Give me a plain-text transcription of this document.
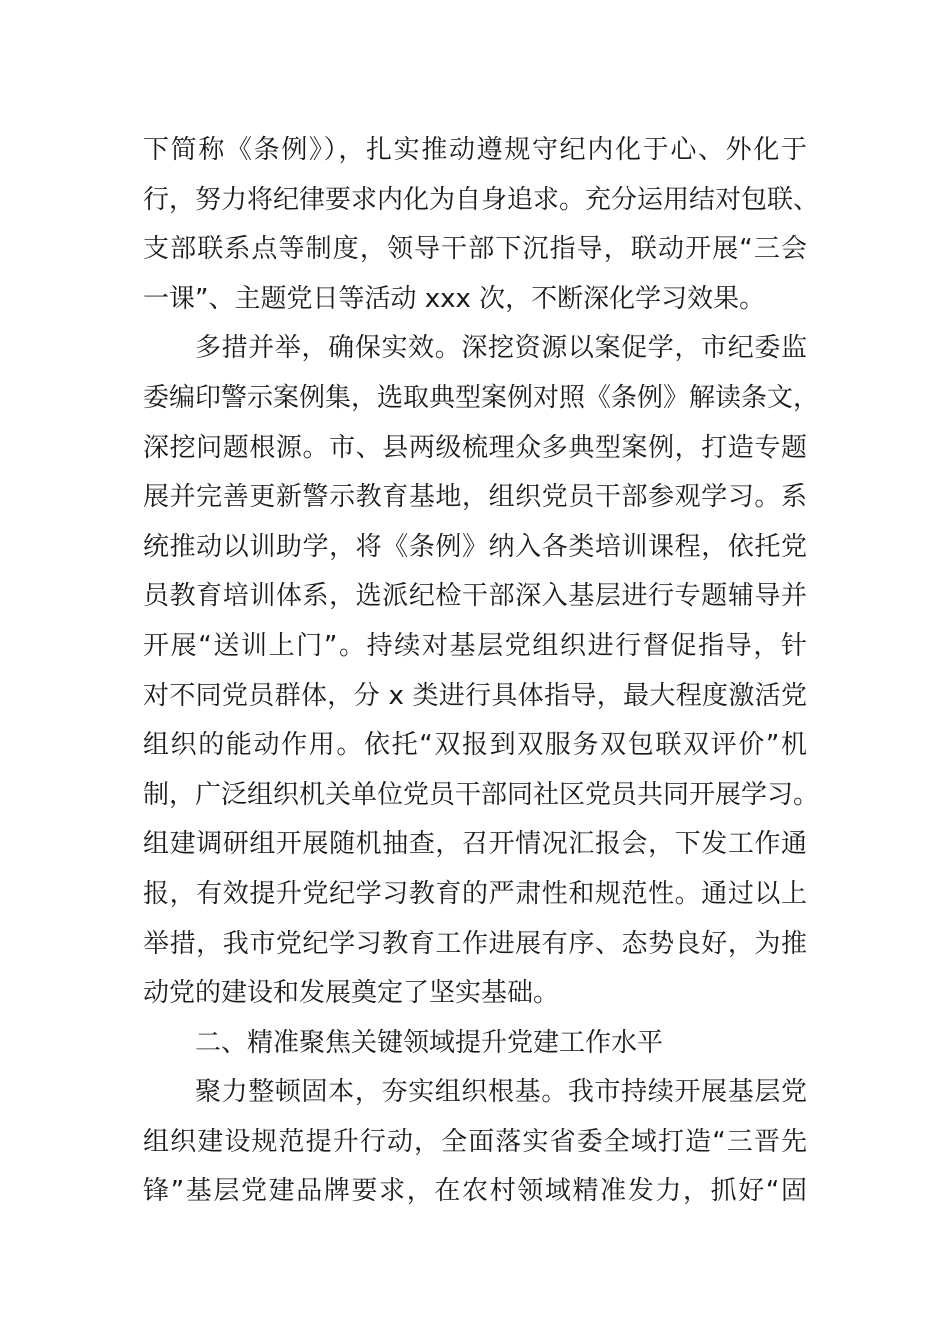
下简称《条例》），扎实推动遵规守纪内化于心、外化于
行，努力将纪律要求内化为自身追求。充分运用结对包联、
支部联系点等制度，领导干部下沉指导，联动开展“三会
一课”、主题党日等活动 xxx 次，不断深化学习效果。
多措并举，确保实效。深挖资源以案促学，市纪委监
委编印警示案例集，选取典型案例对照《条例》解读条文，
深挖问题根源。市、县两级梳理众多典型案例，打造专题
展并完善更新警示教育基地，组织党员干部参观学习。系
统推动以训助学，将《条例》纳入各类培训课程，依托党
员教育培训体系，选派纪检干部深入基层进行专题辅导并
开展“送训上门”。持续对基层党组织进行督促指导，针
对不同党员群体，分 x 类进行具体指导，最大程度激活党
组织的能动作用。依托“双报到双服务双包联双评价”机
制，广泛组织机关单位党员干部同社区党员共同开展学习。
组建调研组开展随机抽查，召开情况汇报会，下发工作通
报，有效提升党纪学习教育的严肃性和规范性。通过以上
举措，我市党纪学习教育工作进展有序、态势良好，为推
动党的建设和发展奠定了坚实基础。
二、精准聚焦关键领域提升党建工作水平
聚力整顿固本，夯实组织根基。我市持续开展基层党
组织建设规范提升行动，全面落实省委全域打造“三晋先
锋”基层党建品牌要求，在农村领域精准发力，抓好“固
